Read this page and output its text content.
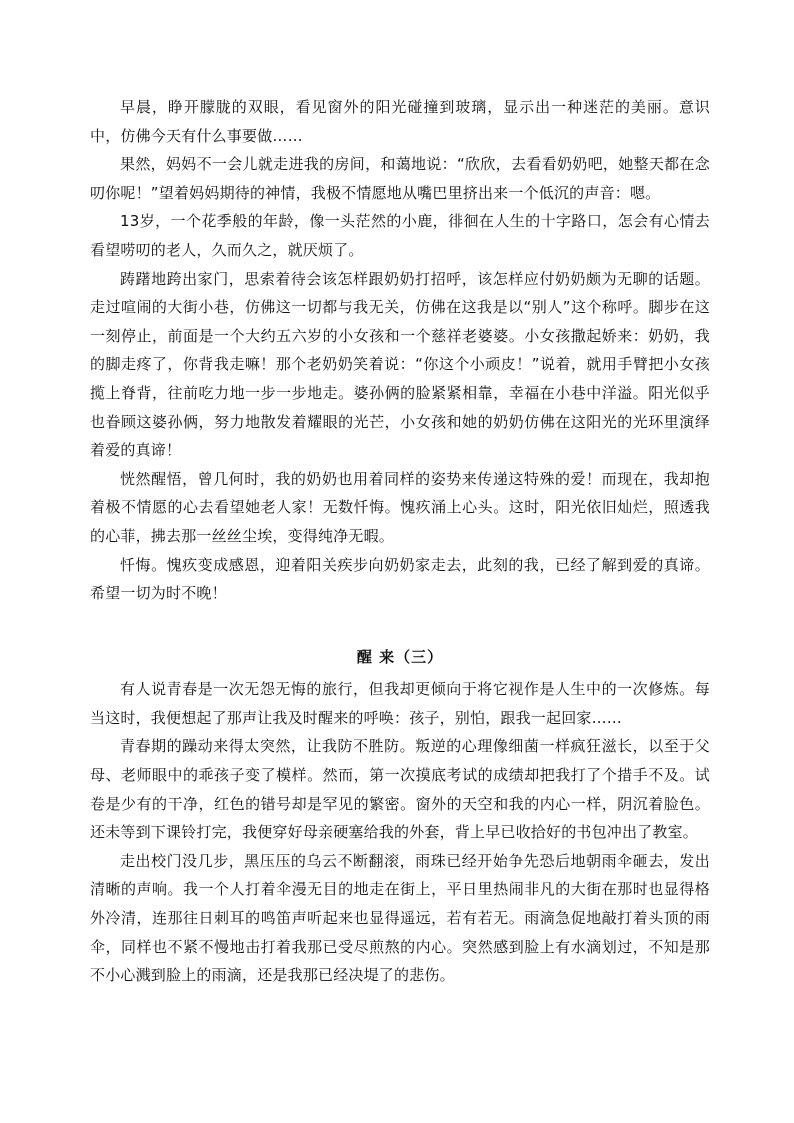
早晨，睁开朦胧的双眼，看见窗外的阳光碰撞到玻璃，显示出一种迷茫的美丽。意识中，仿佛今天有什么事要做……

果然，妈妈不一会儿就走进我的房间，和蔼地说：“欣欣，去看看奶奶吧，她整天都在念叨你呢！”望着妈妈期待的神情，我极不情愿地从嘴巴里挤出来一个低沉的声音：嗯。

13岁，一个花季般的年龄，像一头茫然的小鹿，徘徊在人生的十字路口，怎会有心情去看望唠叨的老人，久而久之，就厌烦了。

踌躇地跨出家门，思索着待会该怎样跟奶奶打招呼，该怎样应付奶奶颇为无聊的话题。走过喧闹的大街小巷，仿佛这一切都与我无关，仿佛在这我是以“别人”这个称呼。脚步在这一刻停止，前面是一个大约五六岁的小女孩和一个慈祥老婆婆。小女孩撒起娇来：奶奶，我的脚走疼了，你背我走嘛！那个老奶奶笑着说：“你这个小顽皮！”说着，就用手臂把小女孩揽上脊背，往前吃力地一步一步地走。婆孙俩的脸紧紧相靠，幸福在小巷中洋溢。阳光似乎也眷顾这婆孙俩，努力地散发着耀眼的光芒，小女孩和她的奶奶仿佛在这阳光的光环里演绎着爱的真谛！

恍然醒悟，曾几何时，我的奶奶也用着同样的姿势来传递这特殊的爱！而现在，我却抱着极不情愿的心去看望她老人家！无数忏悔。愧疚涌上心头。这时，阳光依旧灿烂，照透我的心菲，拂去那一丝丝尘埃，变得纯净无暇。

忏悔。愧疚变成感恩，迎着阳关疾步向奶奶家走去，此刻的我，已经了解到爱的真谛。希望一切为时不晚！

醒 来（三）

有人说青春是一次无怨无悔的旅行，但我却更倾向于将它视作是人生中的一次修炼。每当这时，我便想起了那声让我及时醒来的呼唤：孩子，别怕，跟我一起回家……

青春期的躁动来得太突然，让我防不胜防。叛逆的心理像细菌一样疯狂滋长，以至于父母、老师眼中的乖孩子变了模样。然而，第一次摸底考试的成绩却把我打了个措手不及。试卷是少有的干净，红色的错号却是罕见的繁密。窗外的天空和我的内心一样，阴沉着脸色。还未等到下课铃打完，我便穿好母亲硬塞给我的外套，背上早已收拾好的书包冲出了教室。

走出校门没几步，黑压压的乌云不断翻滚，雨珠已经开始争先恐后地朝雨伞砸去，发出清晰的声响。我一个人打着伞漫无目的地走在街上，平日里热闹非凡的大街在那时也显得格外冷清，连那往日刺耳的鸣笛声听起来也显得遥远，若有若无。雨滴急促地敲打着头顶的雨伞，同样也不紧不慢地击打着我那已受尽煎熬的内心。突然感到脸上有水滴划过，不知是那不小心溅到脸上的雨滴，还是我那已经决堤了的悲伤。
